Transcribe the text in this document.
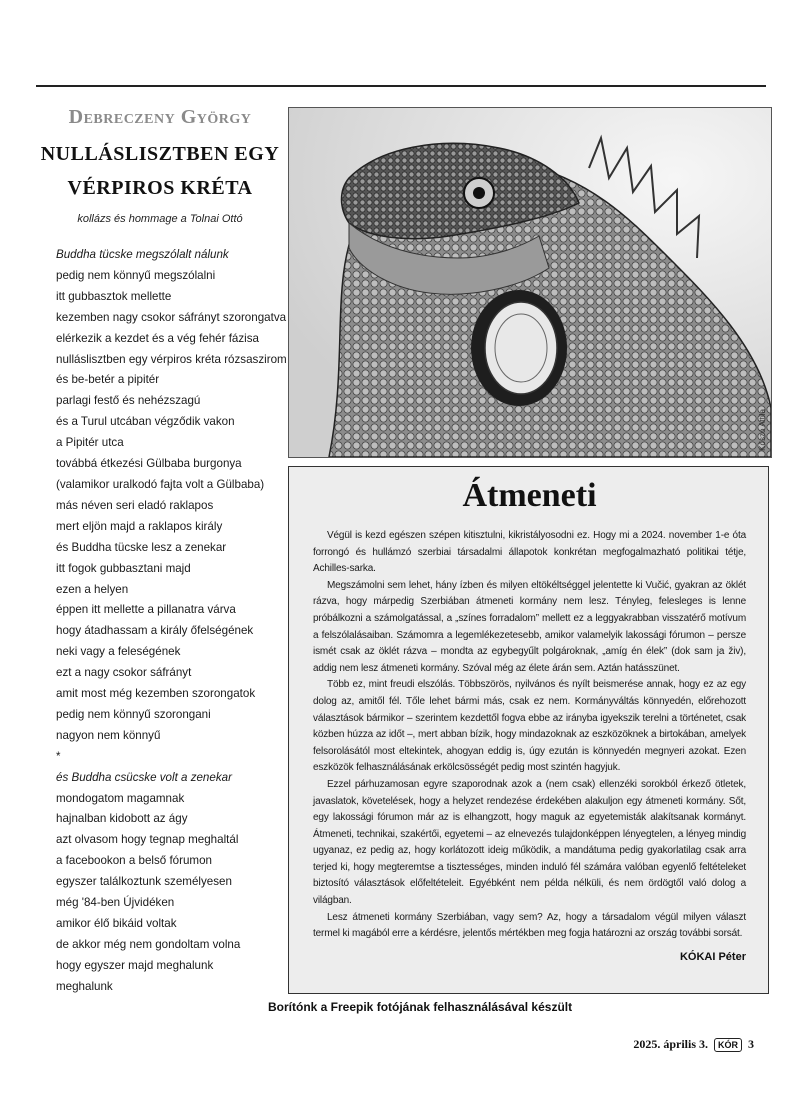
Debreczeny György
NULLÁSLISZTBEN EGY
VÉRPIROS KRÉTA
kollázs és hommage a Tolnai Ottó
Buddha tücske megszólalt nálunk
pedig nem könnyű megszólalni
itt gubbasztok mellette
kezemben nagy csokor sáfrányt szorongatva
elérkezik a kezdet és a vég fehér fázisa
nulláslisztben egy vérpiros kréta rózsaszirom
és be-betér a pipitér
parlagi festő és nehézszagú
és a Turul utcában végződik vakon
a Pipitér utca
továbbá étkezési Gülbaba burgonya
(valamikor uralkodó fajta volt a Gülbaba)
más néven seri eladó raklapos
mert eljön majd a raklapos király
és Buddha tücske lesz a zenekar
itt fogok gubbasztani majd
ezen a helyen
éppen itt mellette a pillanatra várva
hogy átadhassam a király őfelségének
neki vagy a feleségének
ezt a nagy csokor sáfrányt
amit most még kezemben szorongatok
pedig nem könnyű szorongani
nagyon nem könnyű
*
és Buddha csücske volt a zenekar
mondogatom magamnak
hajnalban kidobott az ágy
azt olvasom hogy tegnap meghaltál
a facebookon a belső fórumon
egyszer találkoztunk személyesen
még '84-ben Újvidéken
amikor élő bikáid voltak
de akkor még nem gondoltam volna
hogy egyszer majd meghalunk
meghalunk
Kőszó Attila
Átmeneti

Végül is kezd egészen szépen kitisztulni, kikristályosodni ez. Hogy mi a 2024. november 1-e óta forrongó és hullámzó szerbiai társadalmi állapotok konkrétan megfogalmazható politikai tétje, Achilles-sarka.

Megszámolni sem lehet, hány ízben és milyen eltökéltséggel jelentette ki Vučić, gyakran az öklét rázva, hogy márpedig Szerbiában átmeneti kormány nem lesz. Tényleg, felesleges is lenne próbálkozni a számolgatással, a „színes forradalom” mellett ez a leggyakrabban visszatérő motívum a felszólalásaiban. Számomra a legemlékezetesebb, amikor valamelyik lakossági fórumon – persze ismét csak az öklét rázva – mondta az egybegyűlt polgároknak, „amíg én élek” (dok sam ja živ), addig nem lesz átmeneti kormány. Szóval még az élete árán sem. Aztán hatásszünet.

Több ez, mint freudi elszólás. Többszörös, nyilvános és nyílt beismerése annak, hogy ez az egy dolog az, amitől fél. Tőle lehet bármi más, csak ez nem. Kormányváltás könnyedén, előrehozott választások bármikor – szerintem kezdettől fogva ebbe az irányba igyekszik terelni a történetet, csak közben húzza az időt –, mert abban bízik, hogy mindazoknak az eszközöknek a birtokában, amelyek felsorolásától most eltekintek, ahogyan eddig is, úgy ezután is könnyedén megnyeri azokat. Ezen eszközök felhasználásának erkölcsösségét pedig most szintén hagyjuk.

Ezzel párhuzamosan egyre szaporodnak azok a (nem csak) ellenzéki sorokból érkező ötletek, javaslatok, követelések, hogy a helyzet rendezése érdekében alakuljon egy átmeneti kormány. Sőt, egy lakossági fórumon már az is elhangzott, hogy maguk az egyetemisták alakítsanak kormányt. Átmeneti, technikai, szakértői, egyetemi – az elnevezés tulajdonképpen lényegtelen, a lényeg mindig ugyanaz, ez pedig az, hogy korlátozott ideig működik, a mandátuma pedig gyakorlatilag csak arra terjed ki, hogy megteremtse a tisztességes, minden induló fél számára valóban egyenlő feltételeket biztosító választások előfeltételeit. Egyébként nem példa nélküli, és nem ördögtől való dolog a világban.

Lesz átmeneti kormány Szerbiában, vagy sem? Az, hogy a társadalom végül milyen választ termel ki magából erre a kérdésre, jelentős mértékben meg fogja határozni az ország további sorsát.

KÓKAI Péter
Borítónk a Freepik fotójának felhasználásával készült
2025. április 3.	KÓR 3
